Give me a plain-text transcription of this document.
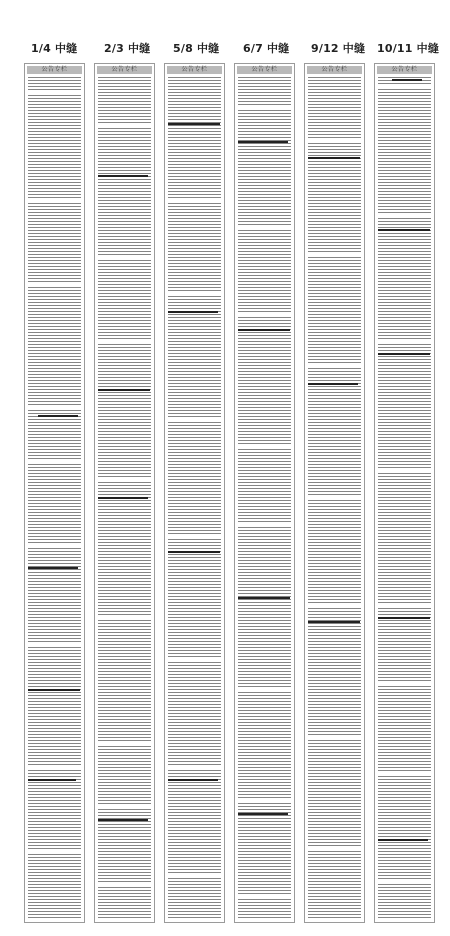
1/4 中缝 2/3 中缝 5/8 中缝 6/7 中缝 9/12 中缝 10/11 中缝
公告专栏	公告专栏	公告专栏	公告专栏	公告专栏	公告专栏
